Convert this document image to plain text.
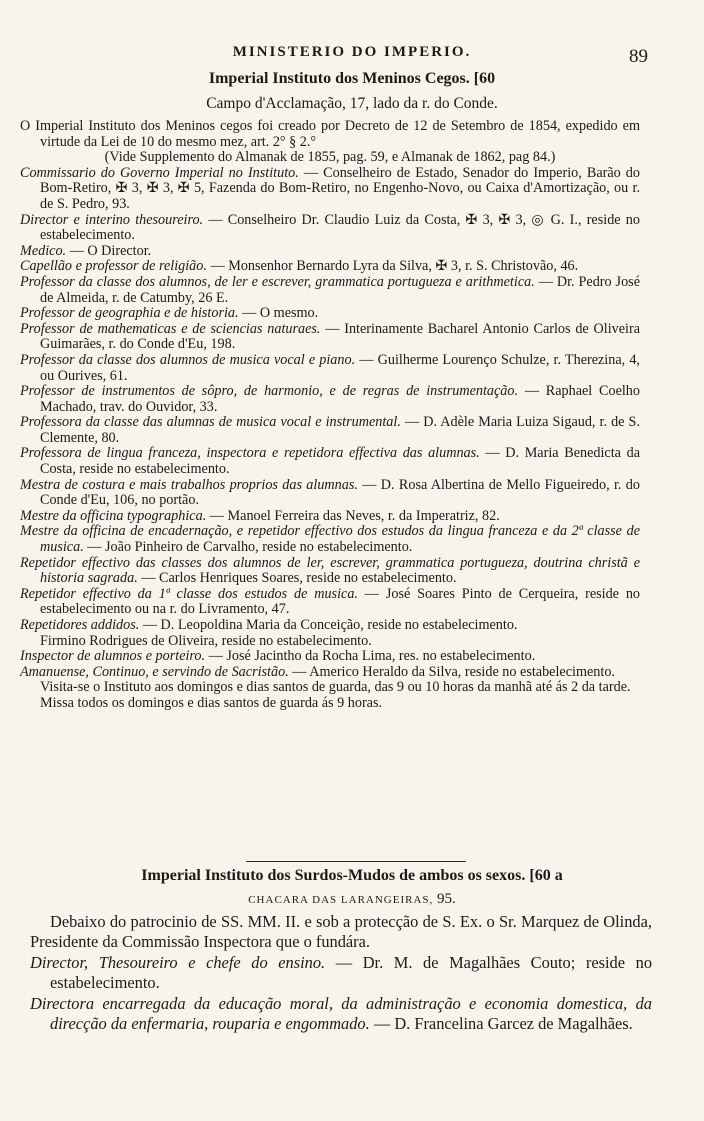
MINISTERIO DO IMPERIO.	89
Imperial Instituto dos Meninos Cegos. [60
Campo d'Acclamação, 17, lado da r. do Conde.

O Imperial Instituto dos Meninos cegos foi creado por Decreto de 12 de Setembro de 1854, expedido em virtude da Lei de 10 do mesmo mez, art. 2° § 2.°

(Vide Supplemento do Almanak de 1855, pag. 59, e Almanak de 1862, pag 84.)

Commissario do Governo Imperial no Instituto. — Conselheiro de Estado, Senador do Imperio, Barão do Bom-Retiro, ✠ 3, ✠ 3, ✠ 5, Fazenda do Bom-Retiro, no Engenho-Novo, ou Caixa d'Amortização, ou r. de S. Pedro, 93.

Director e interino thesoureiro. — Conselheiro Dr. Claudio Luiz da Costa, ✠ 3, ✠ 3, ◎ G. I., reside no estabelecimento.

Medico. — O Director.

Capellão e professor de religião. — Monsenhor Bernardo Lyra da Silva, ✠ 3, r. S. Christovão, 46.

Professor da classe dos alumnos, de ler e escrever, grammatica portugueza e arithmetica. — Dr. Pedro José de Almeida, r. de Catumby, 26 E.

Professor de geographia e de historia. — O mesmo.

Professor de mathematicas e de sciencias naturaes. — Interinamente Bacharel Antonio Carlos de Oliveira Guimarães, r. do Conde d'Eu, 198.

Professor da classe dos alumnos de musica vocal e piano. — Guilherme Lourenço Schulze, r. Therezina, 4, ou Ourives, 61.

Professor de instrumentos de sôpro, de harmonio, e de regras de instrumentação. — Raphael Coelho Machado, trav. do Ouvidor, 33.

Professora da classe das alumnas de musica vocal e instrumental. — D. Adèle Maria Luiza Sigaud, r. de S. Clemente, 80.

Professora de lingua franceza, inspectora e repetidora effectiva das alumnas. — D. Maria Benedicta da Costa, reside no estabelecimento.

Mestra de costura e mais trabalhos proprios das alumnas. — D. Rosa Albertina de Mello Figueiredo, r. do Conde d'Eu, 106, no portão.

Mestre da officina typographica. — Manoel Ferreira das Neves, r. da Imperatriz, 82.

Mestre da officina de encadernação, e repetidor effectivo dos estudos da lingua franceza e da 2ª classe de musica. — João Pinheiro de Carvalho, reside no estabelecimento.

Repetidor effectivo das classes dos alumnos de ler, escrever, grammatica portugueza, doutrina christã e historia sagrada. — Carlos Henriques Soares, reside no estabelecimento.

Repetidor effectivo da 1ª classe dos estudos de musica. — José Soares Pinto de Cerqueira, reside no estabelecimento ou na r. do Livramento, 47.

Repetidores addidos. — D. Leopoldina Maria da Conceição, reside no estabelecimento.

Firmino Rodrigues de Oliveira, reside no estabelecimento.

Inspector de alumnos e porteiro. — José Jacintho da Rocha Lima, res. no estabelecimento.

Amanuense, Continuo, e servindo de Sacristão. — Americo Heraldo da Silva, reside no estabelecimento.

Visita-se o Instituto aos domingos e dias santos de guarda, das 9 ou 10 horas da manhã até ás 2 da tarde.

Missa todos os domingos e dias santos de guarda ás 9 horas.

Imperial Instituto dos Surdos-Mudos de ambos os sexos. [60 a
CHACARA DAS LARANGEIRAS, 95.

Debaixo do patrocinio de SS. MM. II. e sob a protecção de S. Ex. o Sr. Marquez de Olinda, Presidente da Commissão Inspectora que o fundára.

Director, Thesoureiro e chefe do ensino. — Dr. M. de Magalhães Couto; reside no estabelecimento.

Directora encarregada da educação moral, da administração e economia domestica, da direcção da enfermaria, rouparia e engommado. — D. Francelina Garcez de Magalhães.
